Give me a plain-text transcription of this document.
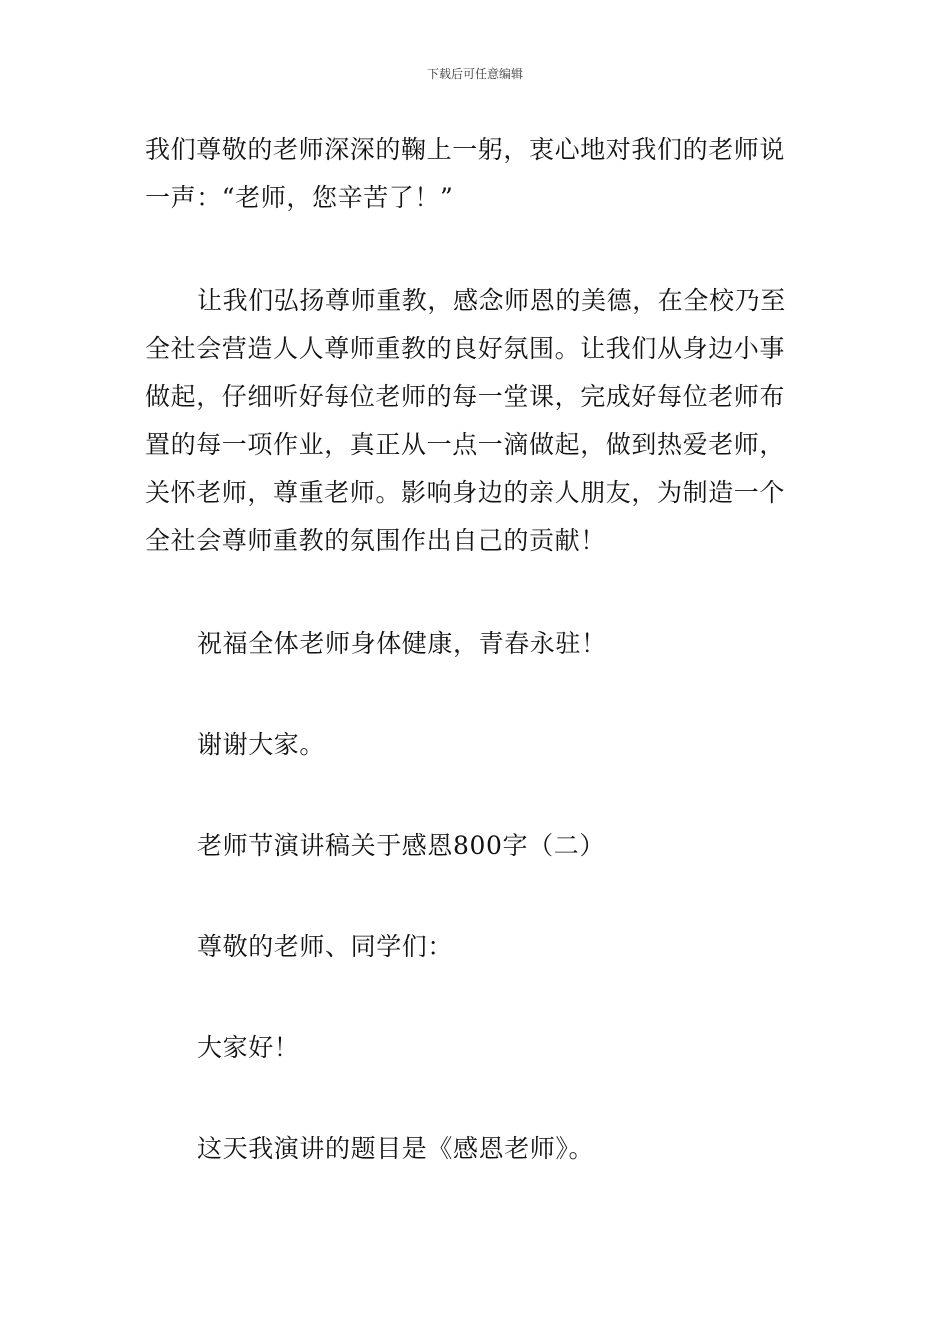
下载后可任意编辑

我们尊敬的老师深深的鞠上一躬，衷心地对我们的老师说一声：“老师，您辛苦了！”

让我们弘扬尊师重教，感念师恩的美德，在全校乃至全社会营造人人尊师重教的良好氛围。让我们从身边小事做起，仔细听好每位老师的每一堂课，完成好每位老师布置的每一项作业，真正从一点一滴做起，做到热爱老师，关怀老师，尊重老师。影响身边的亲人朋友，为制造一个全社会尊师重教的氛围作出自己的贡献！

祝福全体老师身体健康，青春永驻！

谢谢大家。

老师节演讲稿关于感恩800字（二）

尊敬的老师、同学们：

大家好！

这天我演讲的题目是《感恩老师》。
